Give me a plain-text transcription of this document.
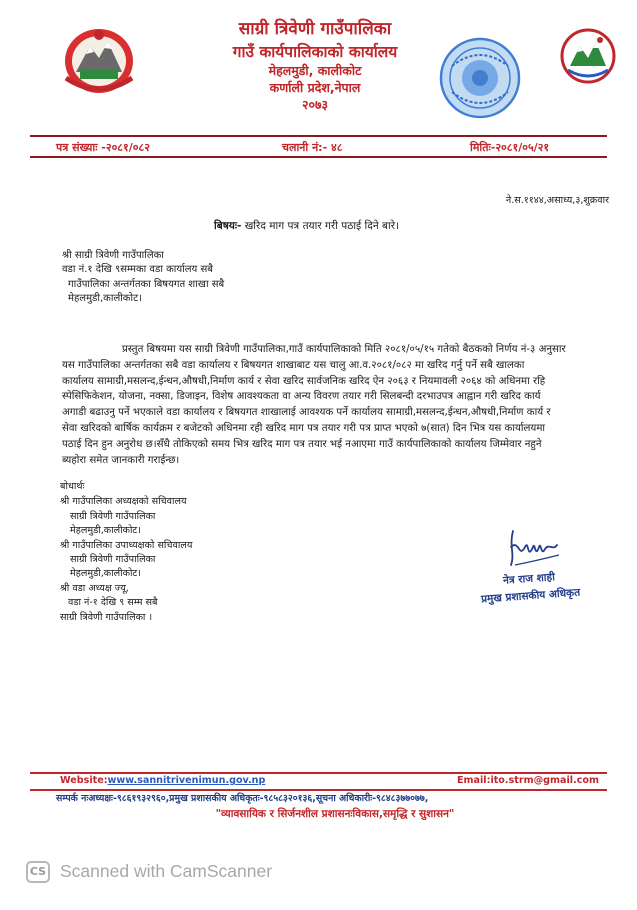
साग्री त्रिवेणी गाउँपालिका
गाउँ कार्यपालिकाको कार्यालय
मेहलमुडी, कालीकोट
कर्णाली प्रदेश,नेपाल
२०७३
पत्र संख्याः -२०८१/०८२	चलानी नं:- ४८	मितिः-२०८१/०५/२१
ने.स.११४४,असाध्य,३,शुक्रवार
बिषयः- खरिद माग पत्र तयार गरी पठाई दिने बारे।
श्री साग्री त्रिवेणी गाउँपालिका
वडा नं.१ देखि ९सम्मका वडा कार्यालय सबै
गाउँपालिका अन्तर्गतका बिषयगत शाखा सबै
मेहलमुडी,कालीकोट।
प्रस्तुत बिषयमा यस साग्री त्रिवेणी गाउँपालिका,गाउँ कार्यपालिकाको मिति २०८१/०५/१५ गतेको बैठकको निर्णय नं-३ अनुसार
यस गाउँपालिका अन्तर्गतका सबै वडा कार्यालय र बिषयगत शाखाबाट यस चालु आ.व.२०८१/०८२ मा खरिद गर्नु पर्ने सबै खालका
कार्यालय सामाग्री,मसलन्द,ईन्धन,औषधी,निर्माण कार्य र सेवा खरिद सार्वजनिक खरिद ऐन २०६३ र नियमावली २०६४ को अधिनमा रहि
स्पेसिफिकेशन, योजना, नक्सा, डिजाइन, विशेष आवश्यकता वा अन्य विवरण तयार गरी सिलबन्दी दरभाउपत्र आह्वान गरी खरिद कार्य
अगाडी बढाउनु पर्ने भएकाले वडा कार्यालय र बिषयगत शाखालाई आवश्यक पर्ने कार्यालय सामाग्री,मसलन्द,ईन्धन,औषधी,निर्माण कार्य र
सेवा खरिदको बार्षिक कार्यक्रम र बजेटको अधिनमा रही खरिद माग पत्र तयार गरी पत्र प्राप्त भएको ७(सात) दिन भित्र यस कार्यालयमा
पठाई दिन हुन अनुरोध छ।सँधै तोकिएको समय भित्र खरिद माग पत्र तयार भई नआएमा गाउँ कार्यपालिकाको कार्यालय जिम्मेवार नहुने
ब्यहोरा समेत जानकारी गराईन्छ।
बोधार्थः
श्री गाउँपालिका अध्यक्षको सचिवालय
साग्री त्रिवेणी गाउँपालिका
मेहलमुडी,कालीकोट।
श्री गाउँपालिका उपाध्यक्षको सचिवालय
साग्री त्रिवेणी गाउँपालिका
मेहलमुडी,कालीकोट।
श्री वडा अध्यक्ष ज्यू,
वडा नं-१ देखि ९ सम्म सबै
साग्री त्रिवेणी गाउँपालिका ।
नेत्र राज शाही
प्रमुख प्रशासकीय अधिकृत
Website:www.sannitrivenimun.gov.np	Email:ito.strm@gmail.com
सम्पर्क नःअध्यक्षः-९८६१९३२९६०,प्रमुख प्रशासकीय अधिकृतः-९८५८३२०१३६,सूचना अधिकारीः-९८४८३७७०७७,
"व्यावसायिक र सिर्जनशील प्रशासनःविकास,समृद्धि र सुशासन"
CS Scanned with CamScanner
